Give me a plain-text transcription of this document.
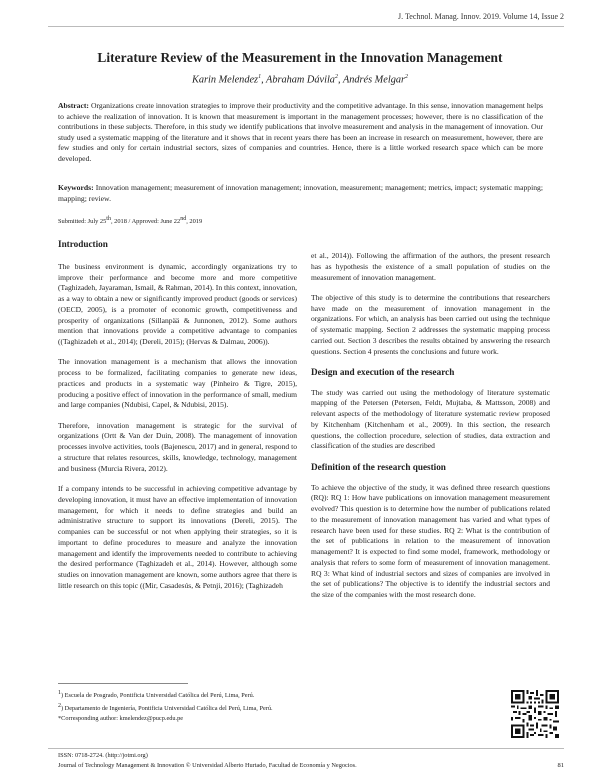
J. Technol. Manag. Innov. 2019. Volume 14, Issue 2
Literature Review of the Measurement in the Innovation Management
Karin Melendez$^1$, Abraham Dávila$^2$, Andrés Melgar$^2$
Abstract: Organizations create innovation strategies to improve their productivity and the competitive advantage. In this sense, innovation management helps to achieve the realization of innovation. It is known that measurement is important in the management processes; however, there is no classification of the contributions in these subjects. Therefore, in this study we identify publications that involve measurement and analysis in the management of innovation. Our study used a systematic mapping of the literature and it shows that in recent years there has been an increase in research on measurement, however, there are few studies and only for certain industrial sectors, sizes of companies and countries. Hence, there is a little worked research space which can be more developed.
Keywords: Innovation management; measurement of innovation management; innovation, measurement; management; metrics, impact; systematic mapping; mapping; review.
Submitted: July 25th, 2018 / Approved: June 22nd, 2019
Introduction

The business environment is dynamic, accordingly organizations try to improve their performance and become more and more competitive (Taghizadeh, Jayaraman, Ismail, & Rahman, 2014). In this context, innovation, as a way to obtain a new or significantly improved product (goods or services) (OECD, 2005), is a promoter of economic growth, competitiveness and prosperity of organizations (Sillanpää & Junnonen, 2012). Some authors mention that innovations provide a competitive advantage to companies ((Taghizadeh et al., 2014); (Dereli, 2015); (Hervas & Dalmau, 2006)).

The innovation management is a mechanism that allows the innovation process to be formalized, facilitating companies to generate new ideas, practices and products in a systematic way (Pinheiro & Tigre, 2015), producing a positive effect of innovation in the performance of small, medium and large companies (Ndubisi, Capel, & Ndubisi, 2015).

Therefore, innovation management is strategic for the survival of organizations (Ortt & Van der Duin, 2008). The management of innovation processes involve activities, tools (Bajenescu, 2017) and in general, respond to a structure that relates resources, skills, knowledge, technology, management and business (Murcia Rivera, 2012).

If a company intends to be successful in achieving competitive advantage by developing innovation, it must have an effective implementation of innovation management, for which it needs to define strategies and build an administrative structure to support its innovations (Dereli, 2015). The companies can be successful or not when applying their strategies, so it is important to define procedures to measure and analyze the innovation management and identify the improvements needed to contribute to achieving the desired performance (Taghizadeh et al., 2014). However, although some studies on innovation management are known, some authors agree that there is little research on this topic ((Mir, Casadesús, & Petnji, 2016); (Taghizadeh

et al., 2014)). Following the affirmation of the authors, the present research has as hypothesis the existence of a small population of studies on the measurement of innovation management.

The objective of this study is to determine the contributions that researchers have made on the measurement of innovation management in the organizations. For which, an analysis has been carried out using the technique of systematic mapping. Section 2 addresses the systematic mapping process carried out. Section 3 describes the results obtained by answering the research questions. Section 4 presents the conclusions and future work.

Design and execution of the research

The study was carried out using the methodology of literature systematic mapping of the Petersen (Petersen, Feldt, Mujtaba, & Mattsson, 2008) and relevant aspects of the methodology of literature systematic review proposed by Kitchenham (Kitchenham et al., 2009). In this section, the research questions, the collection procedure, selection of studies, data extraction and classification of the studies are described

Definition of the research question

To achieve the objective of the study, it was defined three research questions (RQ): RQ 1: How have publications on innovation management measurement evolved? This question is to determine how the number of publications related to the measurement of innovation management has varied and what types of research have been used for these studies. RQ 2: What is the contribution of the set of publications in relation to the measurement of innovation management? It is expected to find some model, framework, methodology or analysis that refers to some form of measurement of innovation management. RQ 3: What kind of industrial sectors and sizes of companies are involved in the set of publications? The objective is to identify the industrial sectors and the size of the companies with the most research done.

$^1$) Escuela de Posgrado, Pontificia Universidad Católica del Perú, Lima, Perú.
$^2$) Departamento de Ingeniería, Pontificia Universidad Católica del Perú, Lima, Perú.
*Corresponding author: kmelendez@pucp.edu.pe
ISSN: 0718-2724. (http://jotmi.org)
Journal of Technology Management & Innovation © Universidad Alberto Hurtado, Facultad de Economía y Negocios.	81
